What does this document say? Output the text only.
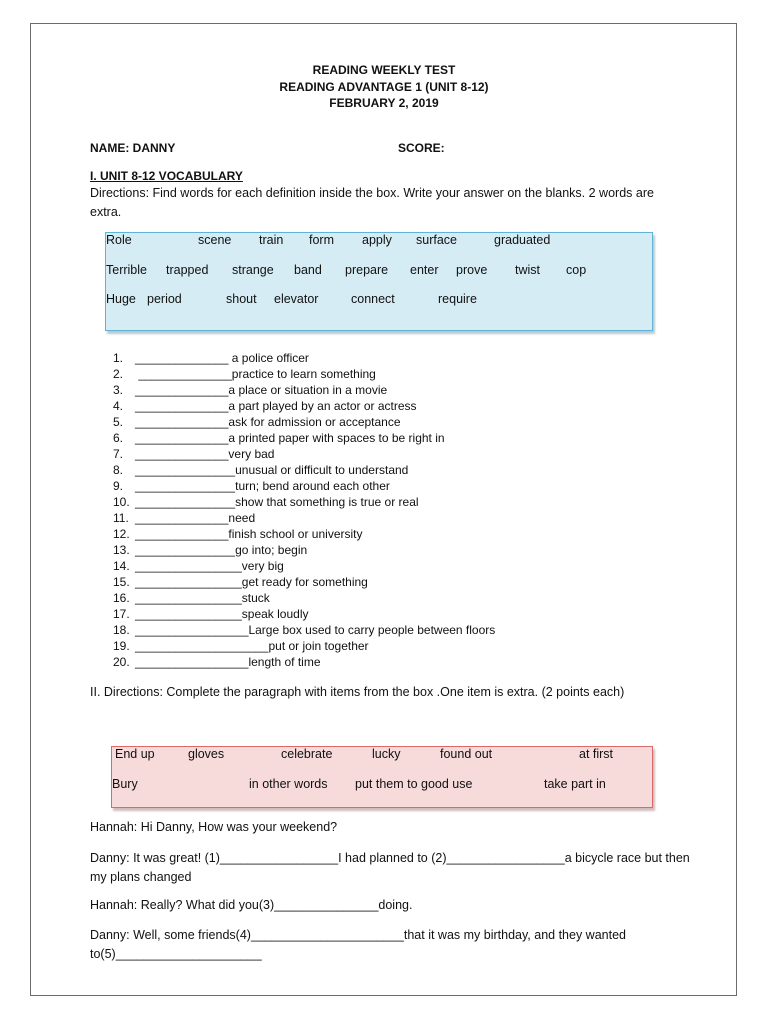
READING WEEKLY TEST
READING ADVANTAGE 1 (UNIT 8-12)
FEBRUARY 2, 2019
NAME: DANNY	SCORE:
I. UNIT 8-12 VOCABULARY
Directions: Find words for each definition inside the box. Write your answer on the blanks. 2 words are extra.
Role	scene train form apply surface	graduated
Terrible trapped strange band prepare enter prove twist cop
Huge period	shout elevator	connect	require
1. ______________ a police officer
2. ______________practice to learn something
3. ______________a place or situation in a movie
4. ______________a part played by an actor or actress
5. ______________ask for admission or acceptance
6. ______________a printed paper with spaces to be right in
7. ______________very bad
8. _______________unusual or difficult to understand
9. _______________turn; bend around each other
10. _______________show that something is true or real
11. ______________need
12. ______________finish school or university
13. _______________go into; begin
14. ________________very big
15. ________________get ready for something
16. ________________stuck
17. ________________speak loudly
18. _________________Large box used to carry people between floors
19. ____________________put or join together
20. _________________length of time
II. Directions: Complete the paragraph with items from the box .One item is extra. (2 points each)
End up	gloves	celebrate	lucky	found out	at first
Bury	in other words put them to good use	take part in
Hannah: Hi Danny, How was your weekend?
Danny: It was great! (1)_________________I had planned to (2)_________________a bicycle race but then my plans changed
Hannah: Really? What did you(3)_______________doing.
Danny: Well, some friends(4)______________________that it was my birthday, and they wanted to(5)_____________________
